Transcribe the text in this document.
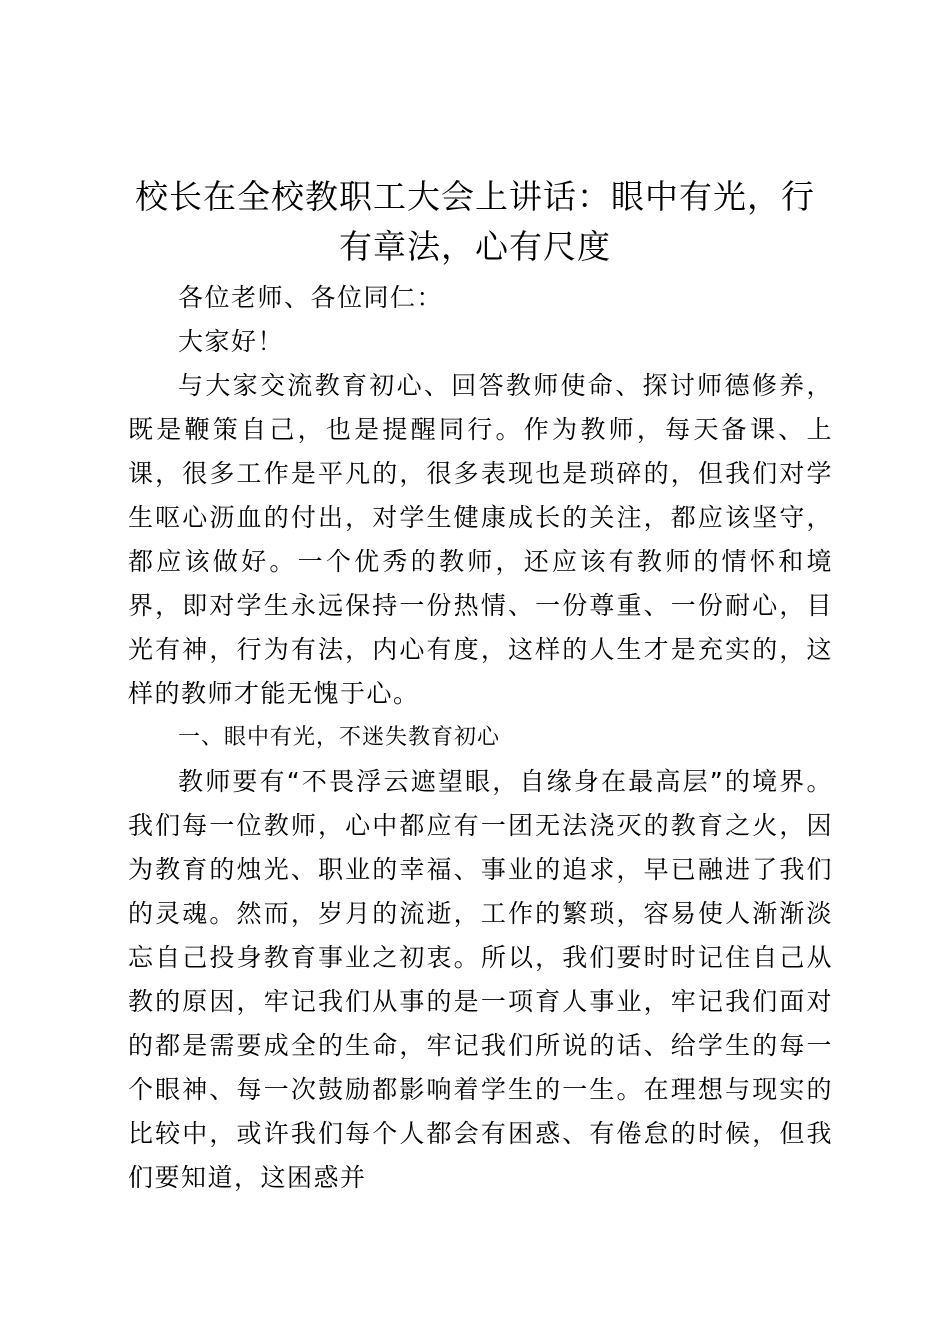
校长在全校教职工大会上讲话：眼中有光，行有章法，心有尺度

各位老师、各位同仁：

大家好！

与大家交流教育初心、回答教师使命、探讨师德修养，既是鞭策自己，也是提醒同行。作为教师，每天备课、上课，很多工作是平凡的，很多表现也是琐碎的，但我们对学生呕心沥血的付出，对学生健康成长的关注，都应该坚守，都应该做好。一个优秀的教师，还应该有教师的情怀和境界，即对学生永远保持一份热情、一份尊重、一份耐心，目光有神，行为有法，内心有度，这样的人生才是充实的，这样的教师才能无愧于心。

一、眼中有光，不迷失教育初心

教师要有“不畏浮云遮望眼，自缘身在最高层”的境界。我们每一位教师，心中都应有一团无法浇灭的教育之火，因为教育的烛光、职业的幸福、事业的追求，早已融进了我们的灵魂。然而，岁月的流逝，工作的繁琐，容易使人渐渐淡忘自己投身教育事业之初衷。所以，我们要时时记住自己从教的原因，牢记我们从事的是一项育人事业，牢记我们面对的都是需要成全的生命，牢记我们所说的话、给学生的每一个眼神、每一次鼓励都影响着学生的一生。在理想与现实的比较中，或许我们每个人都会有困惑、有倦怠的时候，但我们要知道，这困惑并
